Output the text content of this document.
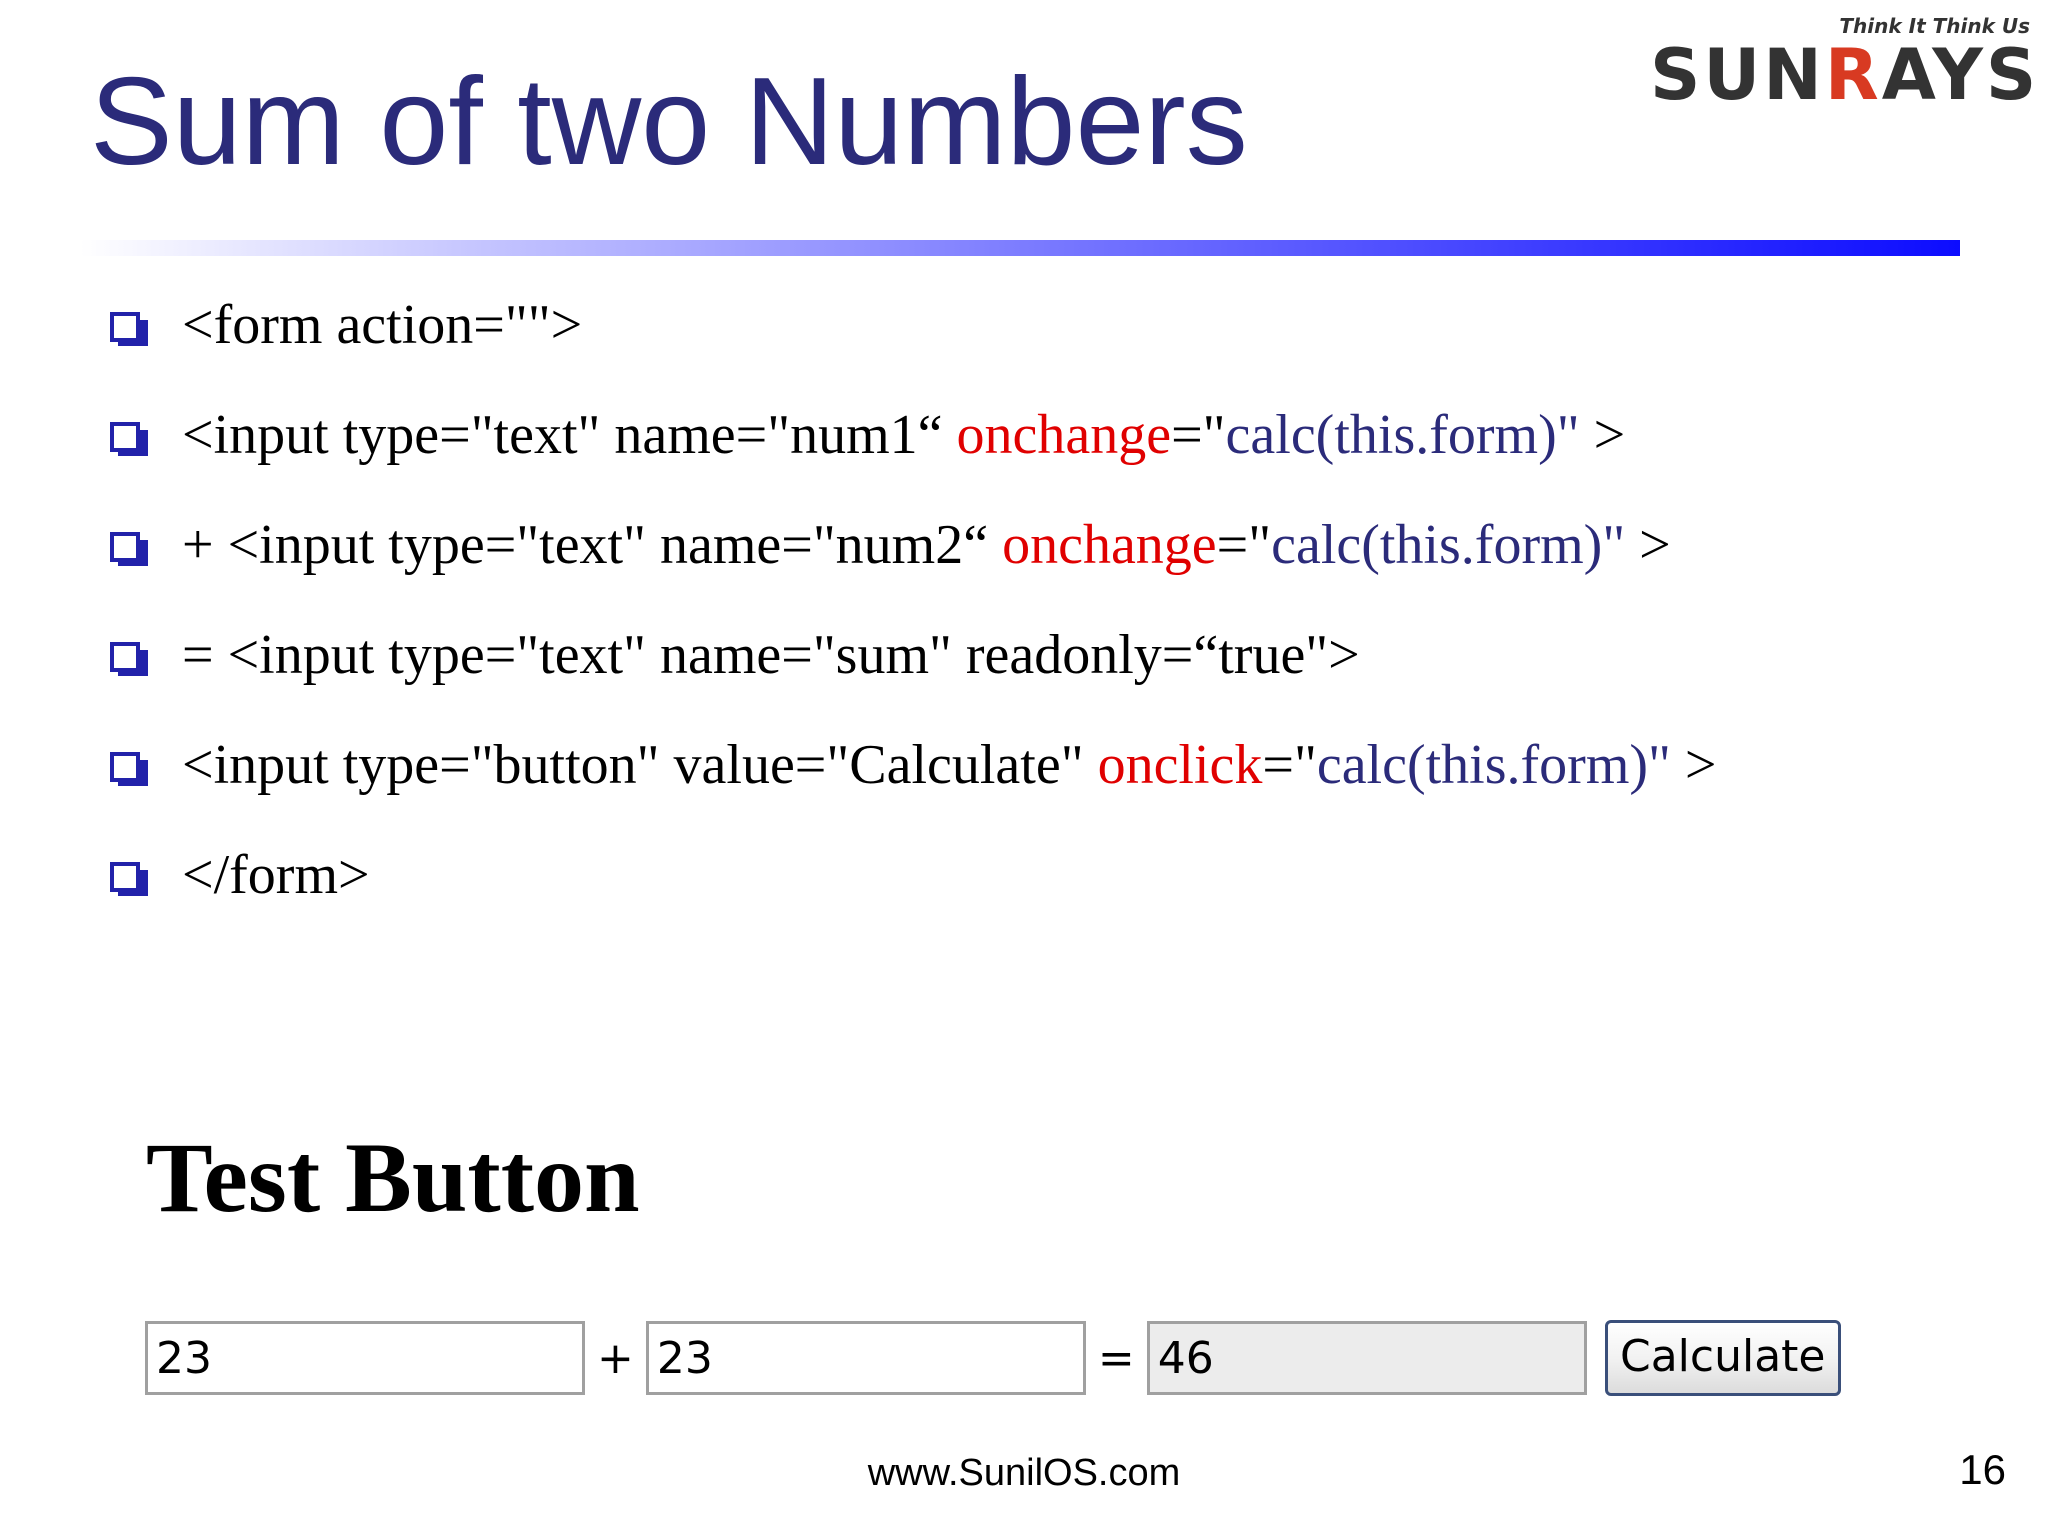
Think It Think Us
SUNRAYS
Sum of two Numbers
<form action="">
<input type="text" name="num1“ onchange="calc(this.form)" >
+ <input type="text" name="num2“ onchange="calc(this.form)" >
= <input type="text" name="sum" readonly=“true">
<input type="button" value="Calculate" onclick="calc(this.form)" >
</form>
Test Button
23	+ 23	= 46	Calculate
www.SunilOS.com	16
